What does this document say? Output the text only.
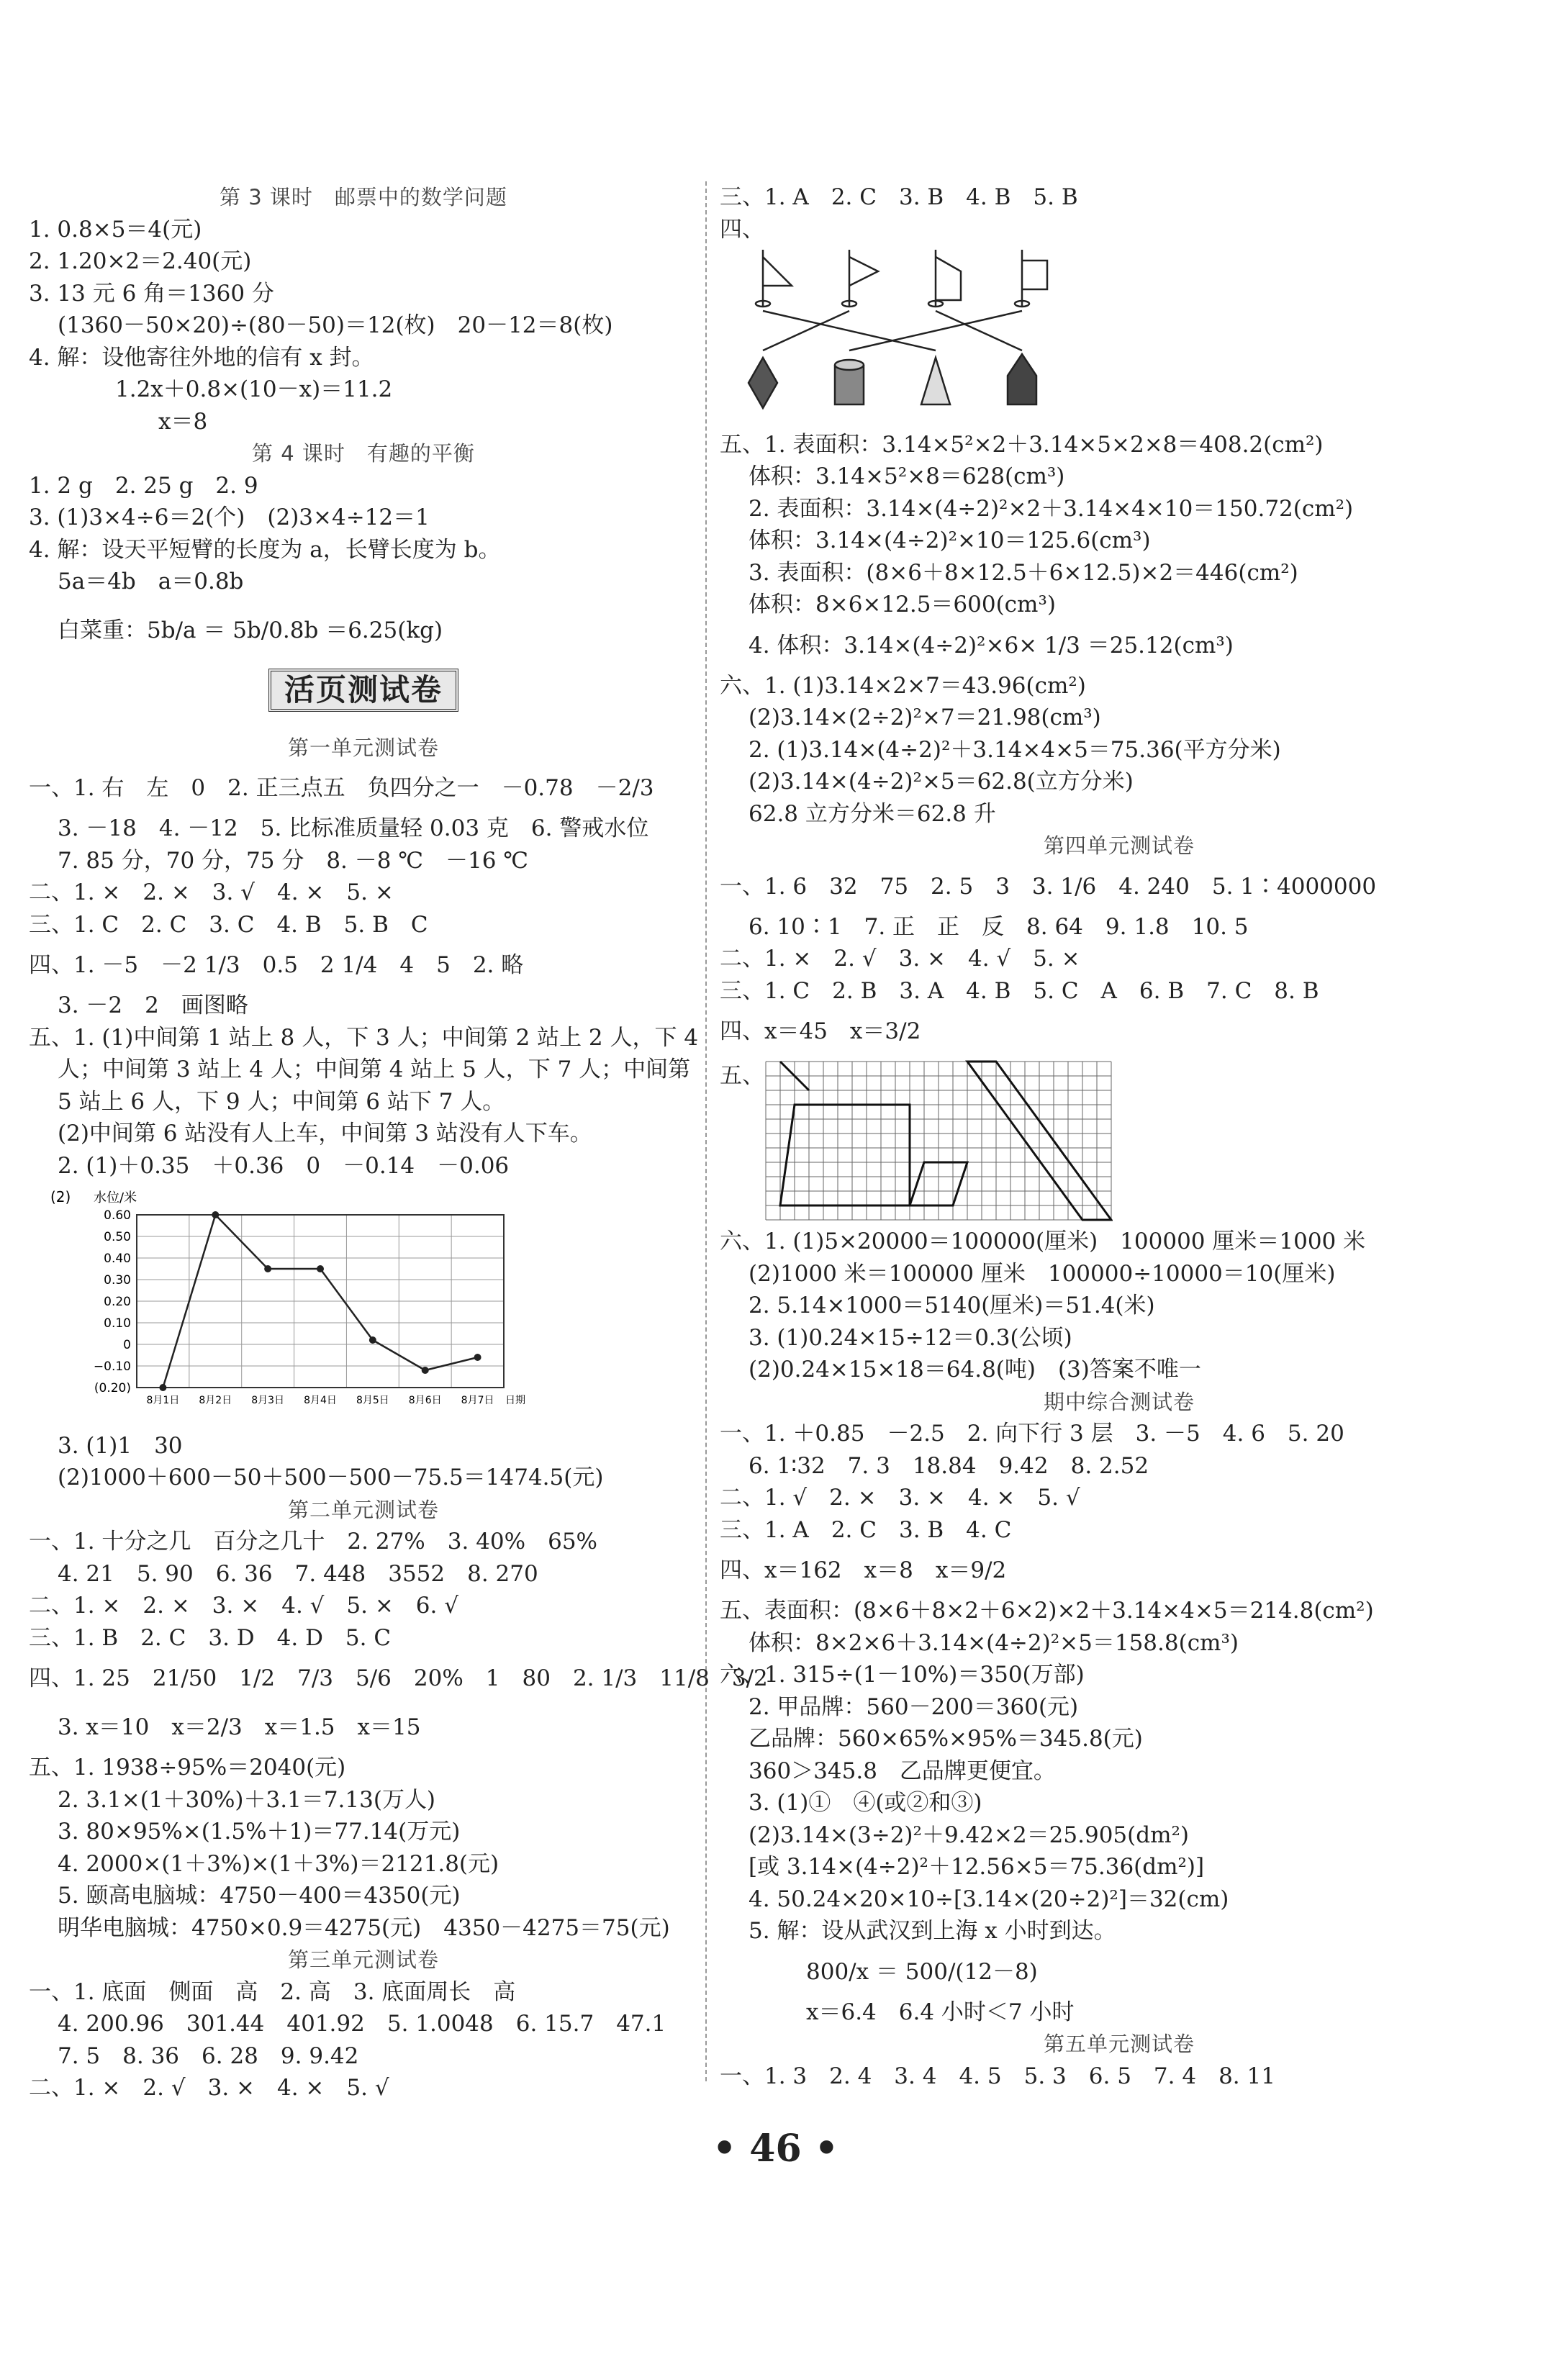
第 3 课时　邮票中的数学问题
1. 0.8×5＝4(元)
2. 1.20×2＝2.40(元)
3. 13 元 6 角＝1360 分
(1360－50×20)÷(80－50)＝12(枚)　20－12＝8(枚)
4. 解：设他寄往外地的信有 x 封。
1.2x＋0.8×(10－x)＝11.2
x＝8
第 4 课时　有趣的平衡
1. 2 g　2. 25 g　2. 9
3. (1)3×4÷6＝2(个)　(2)3×4÷12＝1
4. 解：设天平短臂的长度为 a，长臂长度为 b。
5a＝4b　a＝0.8b
白菜重：5b/a ＝ 5b/0.8b ＝6.25(kg)
活页测试卷
第一单元测试卷
一、1. 右　左　0　2. 正三点五　负四分之一　－0.78　－2/3
3. －18　4. －12　5. 比标准质量轻 0.03 克　6. 警戒水位
7. 85 分，70 分，75 分　8. －8 ℃　－16 ℃
二、1. ×　2. ×　3. √　4. ×　5. ×
三、1. C　2. C　3. C　4. B　5. B　C
四、1. －5　－2 1/3　0.5　2 1/4　4　5　2. 略
3. －2　2　画图略
五、1. (1)中间第 1 站上 8 人，下 3 人；中间第 2 站上 2 人，下 4
人；中间第 3 站上 4 人；中间第 4 站上 5 人，下 7 人；中间第
5 站上 6 人，下 9 人；中间第 6 站下 7 人。
(2)中间第 6 站没有人上车，中间第 3 站没有人下车。
2. (1)＋0.35　＋0.36　0　－0.14　－0.06
(2) 水位/米
0.60
0.50
0.40
0.30
0.20
0.10
0
−0.10
(0.20)
8月1日 8月2日 8月3日 8月4日 8月5日 8月6日 8月7日 日期
3. (1)1　30
(2)1000＋600－50＋500－500－75.5＝1474.5(元)
第二单元测试卷
一、1. 十分之几　百分之几十　2. 27%　3. 40%　65%
4. 21　5. 90　6. 36　7. 448　3552　8. 270
二、1. ×　2. ×　3. ×　4. √　5. ×　6. √
三、1. B　2. C　3. D　4. D　5. C
四、1. 25　21/50　1/2　7/3　5/6　20%　1　80　2. 1/3　11/8　3/2
3. x＝10　x＝2/3　x＝1.5　x＝15
五、1. 1938÷95%＝2040(元)
2. 3.1×(1＋30%)＋3.1＝7.13(万人)
3. 80×95%×(1.5%＋1)＝77.14(万元)
4. 2000×(1＋3%)×(1＋3%)＝2121.8(元)
5. 颐高电脑城：4750－400＝4350(元)
明华电脑城：4750×0.9＝4275(元)　4350－4275＝75(元)
第三单元测试卷
一、1. 底面　侧面　高　2. 高　3. 底面周长　高
4. 200.96　301.44　401.92　5. 1.0048　6. 15.7　47.1
7. 5　8. 36　6. 28　9. 9.42
二、1. ×　2. √　3. ×　4. ×　5. √
三、1. A　2. C　3. B　4. B　5. B
四、
五、1. 表面积：3.14×5²×2＋3.14×5×2×8＝408.2(cm²)
体积：3.14×5²×8＝628(cm³)
2. 表面积：3.14×(4÷2)²×2＋3.14×4×10＝150.72(cm²)
体积：3.14×(4÷2)²×10＝125.6(cm³)
3. 表面积：(8×6＋8×12.5＋6×12.5)×2＝446(cm²)
体积：8×6×12.5＝600(cm³)
4. 体积：3.14×(4÷2)²×6× 1/3 ＝25.12(cm³)
六、1. (1)3.14×2×7＝43.96(cm²)
(2)3.14×(2÷2)²×7＝21.98(cm³)
2. (1)3.14×(4÷2)²＋3.14×4×5＝75.36(平方分米)
(2)3.14×(4÷2)²×5＝62.8(立方分米)
62.8 立方分米＝62.8 升
第四单元测试卷
一、1. 6　32　75　2. 5　3　3. 1/6　4. 240　5. 1∶4000000
6. 10∶1　7. 正　正　反　8. 64　9. 1.8　10. 5
二、1. ×　2. √　3. ×　4. √　5. ×
三、1. C　2. B　3. A　4. B　5. C　A　6. B　7. C　8. B
四、x＝45　x＝3/2
五、
六、1. (1)5×20000＝100000(厘米)　100000 厘米＝1000 米
(2)1000 米＝100000 厘米　100000÷10000＝10(厘米)
2. 5.14×1000＝5140(厘米)＝51.4(米)
3. (1)0.24×15÷12＝0.3(公顷)
(2)0.24×15×18＝64.8(吨)　(3)答案不唯一
期中综合测试卷
一、1. ＋0.85　－2.5　2. 向下行 3 层　3. －5　4. 6　5. 20
6. 1∶32　7. 3　18.84　9.42　8. 2.52
二、1. √　2. ×　3. ×　4. ×　5. √
三、1. A　2. C　3. B　4. C
四、x＝162　x＝8　x＝9/2
五、表面积：(8×6＋8×2＋6×2)×2＋3.14×4×5＝214.8(cm²)
体积：8×2×6＋3.14×(4÷2)²×5＝158.8(cm³)
六、1. 315÷(1－10%)＝350(万部)
2. 甲品牌：560－200＝360(元)
乙品牌：560×65%×95%＝345.8(元)
360＞345.8　乙品牌更便宜。
3. (1)①　④(或②和③)
(2)3.14×(3÷2)²＋9.42×2＝25.905(dm²)
[或 3.14×(4÷2)²＋12.56×5＝75.36(dm²)]
4. 50.24×20×10÷[3.14×(20÷2)²]＝32(cm)
5. 解：设从武汉到上海 x 小时到达。
800/x ＝ 500/(12－8)
x＝6.4　6.4 小时＜7 小时
第五单元测试卷
一、1. 3　2. 4　3. 4　4. 5　5. 3　6. 5　7. 4　8. 11
• 46 •
